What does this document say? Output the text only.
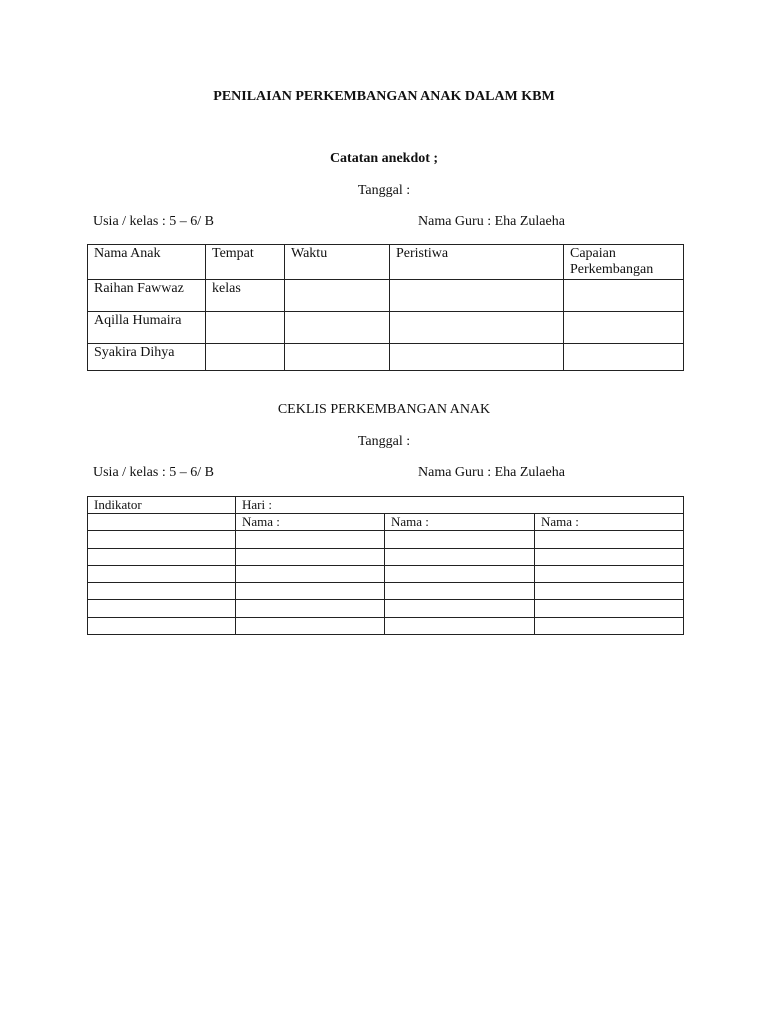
PENILAIAN PERKEMBANGAN ANAK DALAM KBM
Catatan anekdot ;
Tanggal :
Usia / kelas : 5 – 6/ B	Nama Guru : Eha Zulaeha
Nama Anak	Tempat	Waktu	Peristiwa	Capaian Perkembangan
Raihan Fawwaz	kelas			
Aqilla Humaira				
Syakira Dihya				
CEKLIS PERKEMBANGAN ANAK
Tanggal :
Usia / kelas : 5 – 6/ B	Nama Guru : Eha Zulaeha
Indikator	Hari :		
	Nama :	Nama :	Nama :
